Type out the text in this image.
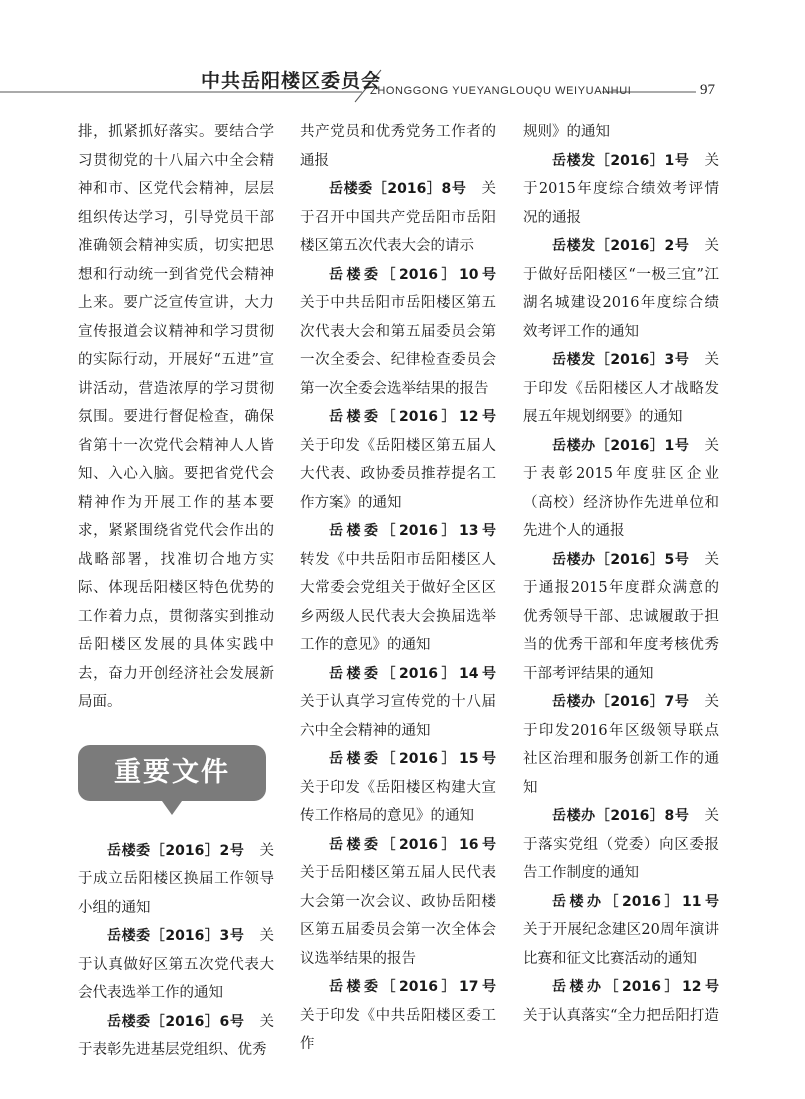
中共岳阳楼区委员会
ZHONGGONG YUEYANGLOUQU WEIYUANHUI	97

排，抓紧抓好落实。要结合学习贯彻党的十八届六中全会精神和市、区党代会精神，层层组织传达学习，引导党员干部准确领会精神实质，切实把思想和行动统一到省党代会精神上来。要广泛宣传宣讲，大力宣传报道会议精神和学习贯彻的实际行动，开展好“五进”宣讲活动，营造浓厚的学习贯彻氛围。要进行督促检查，确保省第十一次党代会精神人人皆知、入心入脑。要把省党代会精神作为开展工作的基本要求，紧紧围绕省党代会作出的战略部署，找准切合地方实际、体现岳阳楼区特色优势的工作着力点，贯彻落实到推动岳阳楼区发展的具体实践中去，奋力开创经济社会发展新局面。

重要文件

岳楼委［2016］2号　 关于成立岳阳楼区换届工作领导小组的通知

岳楼委［2016］3号　 关于认真做好区第五次党代表大会代表选举工作的通知

岳楼委［2016］6号　 关于表彰先进基层党组织、优秀

共产党员和优秀党务工作者的通报

岳楼委［2016］8号　 关于召开中国共产党岳阳市岳阳楼区第五次代表大会的请示

岳楼委［2016］10号　关于中共岳阳市岳阳楼区第五次代表大会和第五届委员会第一次全委会、纪律检查委员会第一次全委会选举结果的报告

岳楼委［2016］12号　关于印发《岳阳楼区第五届人大代表、政协委员推荐提名工作方案》的通知

岳楼委［2016］13号　转发《中共岳阳市岳阳楼区人大常委会党组关于做好全区区乡两级人民代表大会换届选举工作的意见》的通知

岳楼委［2016］14号　关于认真学习宣传党的十八届六中全会精神的通知

岳楼委［2016］15号　关于印发《岳阳楼区构建大宣传工作格局的意见》的通知

岳楼委［2016］16号　关于岳阳楼区第五届人民代表大会第一次会议、政协岳阳楼区第五届委员会第一次全体会议选举结果的报告

岳楼委［2016］17号　关于印发《中共岳阳楼区委工作

规则》的通知

岳楼发［2016］1号　 关于2015年度综合绩效考评情况的通报

岳楼发［2016］2号　 关于做好岳阳楼区“一极三宜”江湖名城建设2016年度综合绩效考评工作的通知

岳楼发［2016］3号　 关于印发《岳阳楼区人才战略发展五年规划纲要》的通知

岳楼办［2016］1号　 关于表彰2015年度驻区企业（高校）经济协作先进单位和先进个人的通报

岳楼办［2016］5号　 关于通报2015年度群众满意的优秀领导干部、忠诚履敢于担当的优秀干部和年度考核优秀干部考评结果的通知

岳楼办［2016］7号　 关于印发2016年区级领导联点社区治理和服务创新工作的通知

岳楼办［2016］8号　 关于落实党组（党委）向区委报告工作制度的通知

岳楼办［2016］11号　关于开展纪念建区20周年演讲比赛和征文比赛活动的通知

岳楼办［2016］12号　关于认真落实“全力把岳阳打造
